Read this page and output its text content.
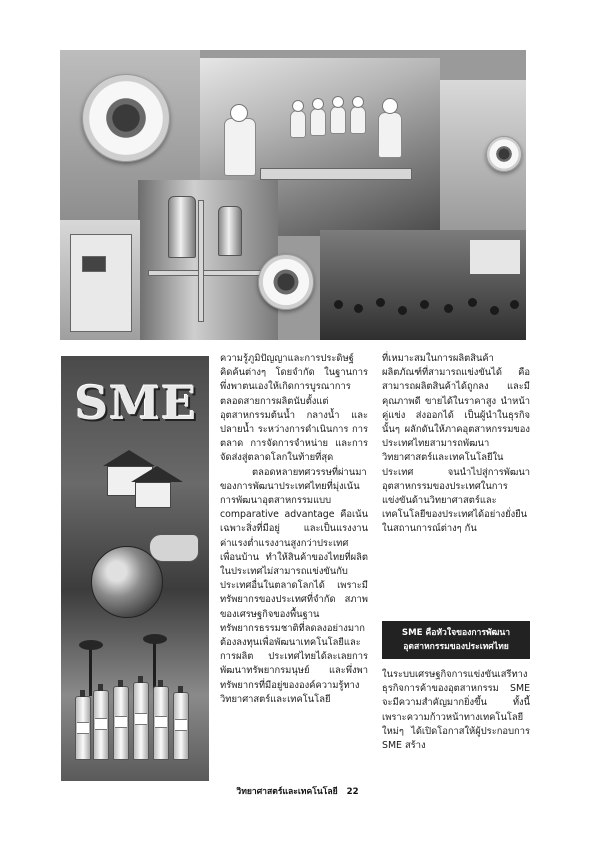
SME

ความรู้ภูมิปัญญาและการประดิษฐ์คิดค้นต่างๆ โดยจำกัด ในฐานการพึ่งพาตนเองให้เกิดการบูรณาการตลอดสายการผลิตนับตั้งแต่อุตสาหกรรมต้นน้ำ กลางน้ำ และปลายน้ำ ระหว่างการดำเนินการ การตลาด การจัดการจำหน่าย และการจัดส่งสู่ตลาดโลกในท้ายที่สุด

ตลอดหลายทศวรรษที่ผ่านมาของการพัฒนาประเทศไทยที่มุ่งเน้นการพัฒนาอุตสาหกรรมแบบ comparative advantage คือเน้นเฉพาะสิ่งที่มีอยู่ และเป็นแรงงานค่าแรงต่ำแรงงานสูงกว่าประเทศเพื่อนบ้าน ทำให้สินค้าของไทยที่ผลิตในประเทศไม่สามารถแข่งขันกับประเทศอื่นในตลาดโลกได้ เพราะมีทรัพยากรของประเทศที่จำกัด สภาพของเศรษฐกิจของพื้นฐานทรัพยากรธรรมชาติที่ลดลงอย่างมาก ต้องลงทุนเพื่อพัฒนาเทคโนโลยีและการผลิต ประเทศไทยได้ละเลยการพัฒนาทรัพยากรมนุษย์ และพึ่งพาทรัพยากรที่มีอยู่ขององค์ความรู้ทางวิทยาศาสตร์และเทคโนโลยี

ที่เหมาะสมในการผลิตสินค้า ผลิตภัณฑ์ที่สามารถแข่งขันได้ คือสามารถผลิตสินค้าได้ถูกลง และมีคุณภาพดี ขายได้ในราคาสูง นำหน้าคู่แข่ง ส่งออกได้ เป็นผู้นำในธุรกิจนั้นๆ ผลักดันให้ภาคอุตสาหกรรมของประเทศไทยสามารถพัฒนาวิทยาศาสตร์และเทคโนโลยีในประเทศ จนนำไปสู่การพัฒนาอุตสาหกรรมของประเทศในการแข่งขันด้านวิทยาศาสตร์และเทคโนโลยีของประเทศได้อย่างยั่งยืนในสถานการณ์ต่างๆ กัน

SME คือหัวใจของการพัฒนาอุตสาหกรรมของประเทศไทย

ในระบบเศรษฐกิจการแข่งขันเสรีทางธุรกิจการค้าของอุตสาหกรรม SME จะมีความสำคัญมากยิ่งขึ้น ทั้งนี้เพราะความก้าวหน้าทางเทคโนโลยีใหม่ๆ ได้เปิดโอกาสให้ผู้ประกอบการ SME สร้าง

วิทยาศาสตร์และเทคโนโลยี 22
